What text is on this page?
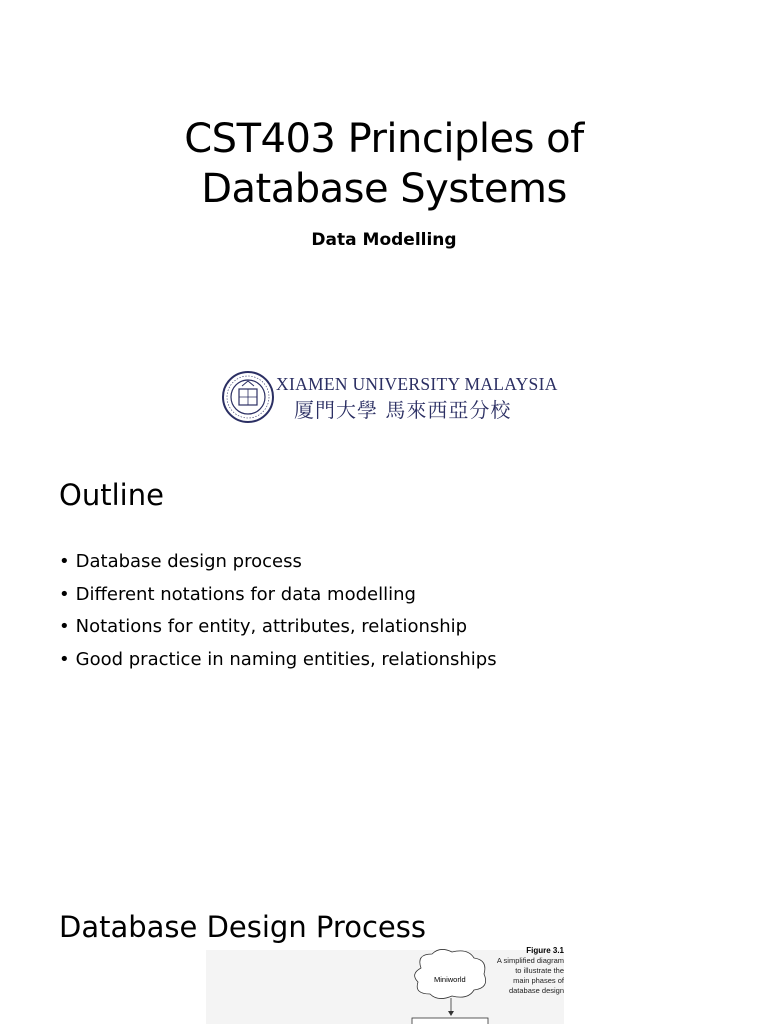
CST403 Principles of
Database Systems
Data Modelling
XIAMEN UNIVERSITY MALAYSIA
厦門大學 馬來西亞分校
Outline
• Database design process
• Different notations for data modelling
• Notations for entity, attributes, relationship
• Good practice in naming entities, relationships
Database Design Process
Miniworld
Figure 3.1
A simplified diagram
to illustrate the
main phases of
database design
